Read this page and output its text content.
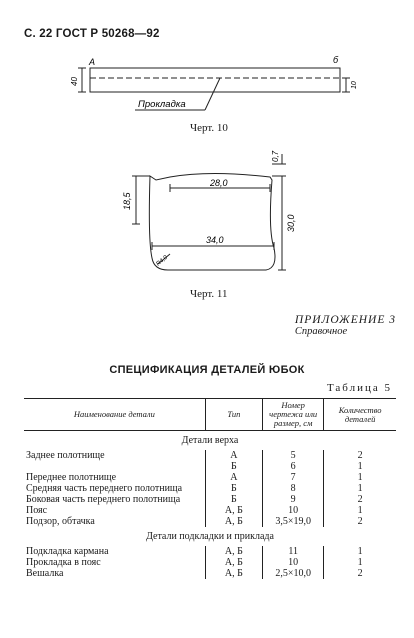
С. 22 ГОСТ Р 50268—92
А	б
40	10
Прокладка
Черт. 10
28,0
34,0
30,0
18,5
0,7
R4,0
Черт. 11
ПРИЛОЖЕНИЕ 3
Справочное
СПЕЦИФИКАЦИЯ ДЕТАЛЕЙ ЮБОК
Таблица 5
Наименование детали	Тип	Номер чертежа или размер, см	Количество деталей
Детали верха			
Заднее полотнище	А	5	2
	Б	6	1
Переднее полотнище	А	7	1
Средняя часть переднего полотнища	Б	8	1
Боковая часть переднего полотнища	Б	9	2
Пояс	А, Б	10	1
Подзор, обтачка	А, Б	3,5×19,0	2
Детали подкладки и приклада			
Подкладка кармана	А, Б	11	1
Прокладка в пояс	А, Б	10	1
Вешалка	А, Б	2,5×10,0	2
